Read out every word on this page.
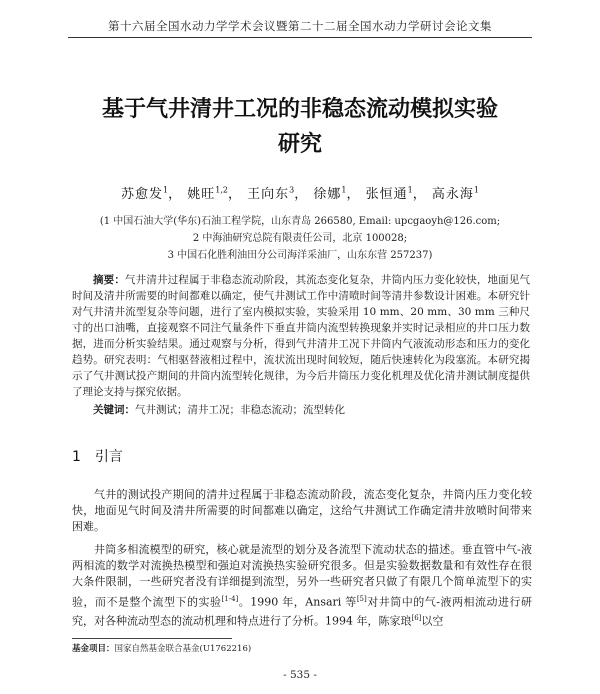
第十六届全国水动力学学术会议暨第二十二届全国水动力学研讨会论文集
基于气井清井工况的非稳态流动模拟实验
研究
苏愈发$^1$， 姚旺$^{1,2}$， 王向东$^3$， 徐娜$^1$， 张恒通$^1$， 高永海$^1$
(1 中国石油大学(华东)石油工程学院，山东青岛 266580, Email: upcgaoyh@126.com;
2 中海油研究总院有限责任公司，北京 100028;
3 中国石化胜利油田分公司海洋采油厂，山东东营 257237)
摘要：气井清井过程属于非稳态流动阶段，其流态变化复杂，井筒内压力变化较快，地面见气时间及清井所需要的时间都难以确定，使气井测试工作中清喷时间等清井参数设计困难。本研究针对气井清井流型复杂等问题，进行了室内模拟实验，实验采用 10 mm、20 mm、30 mm 三种尺寸的出口油嘴，直接观察不同注气量条件下垂直井筒内流型转换现象并实时记录相应的井口压力数据，进而分析实验结果。通过观察与分析，得到气井清井工况下井筒内气液流动形态和压力的变化趋势。研究表明：气相驱替液相过程中，流状流出现时间较短，随后快速转化为段塞流。本研究揭示了气井测试投产期间的井筒内流型转化规律，为今后井筒压力变化机理及优化清井测试制度提供了理论支持与探究依据。
关键词：气井测试；清井工况；非稳态流动；流型转化
1 引言
气井的测试投产期间的清井过程属于非稳态流动阶段，流态变化复杂，井筒内压力变化较快，地面见气时间及清井所需要的时间都难以确定，这给气井测试工作确定清井放喷时间带来困难。
井筒多相流模型的研究，核心就是流型的划分及各流型下流动状态的描述。垂直管中气-液两相流的数学对流换热模型和强迫对流换热实验研究很多。但是实验数据数量和有效性存在很大条件限制，一些研究者没有详细提到流型，另外一些研究者只做了有限几个简单流型下的实验，而不是整个流型下的实验[1-4]。1990 年，Ansari 等[5]对井筒中的气-液两相流动进行研究，对各种流动型态的流动机理和特点进行了分析。1994 年，陈家琅[6]以空
基金项目：国家自然基金联合基金(U1762216)
- 535 -
